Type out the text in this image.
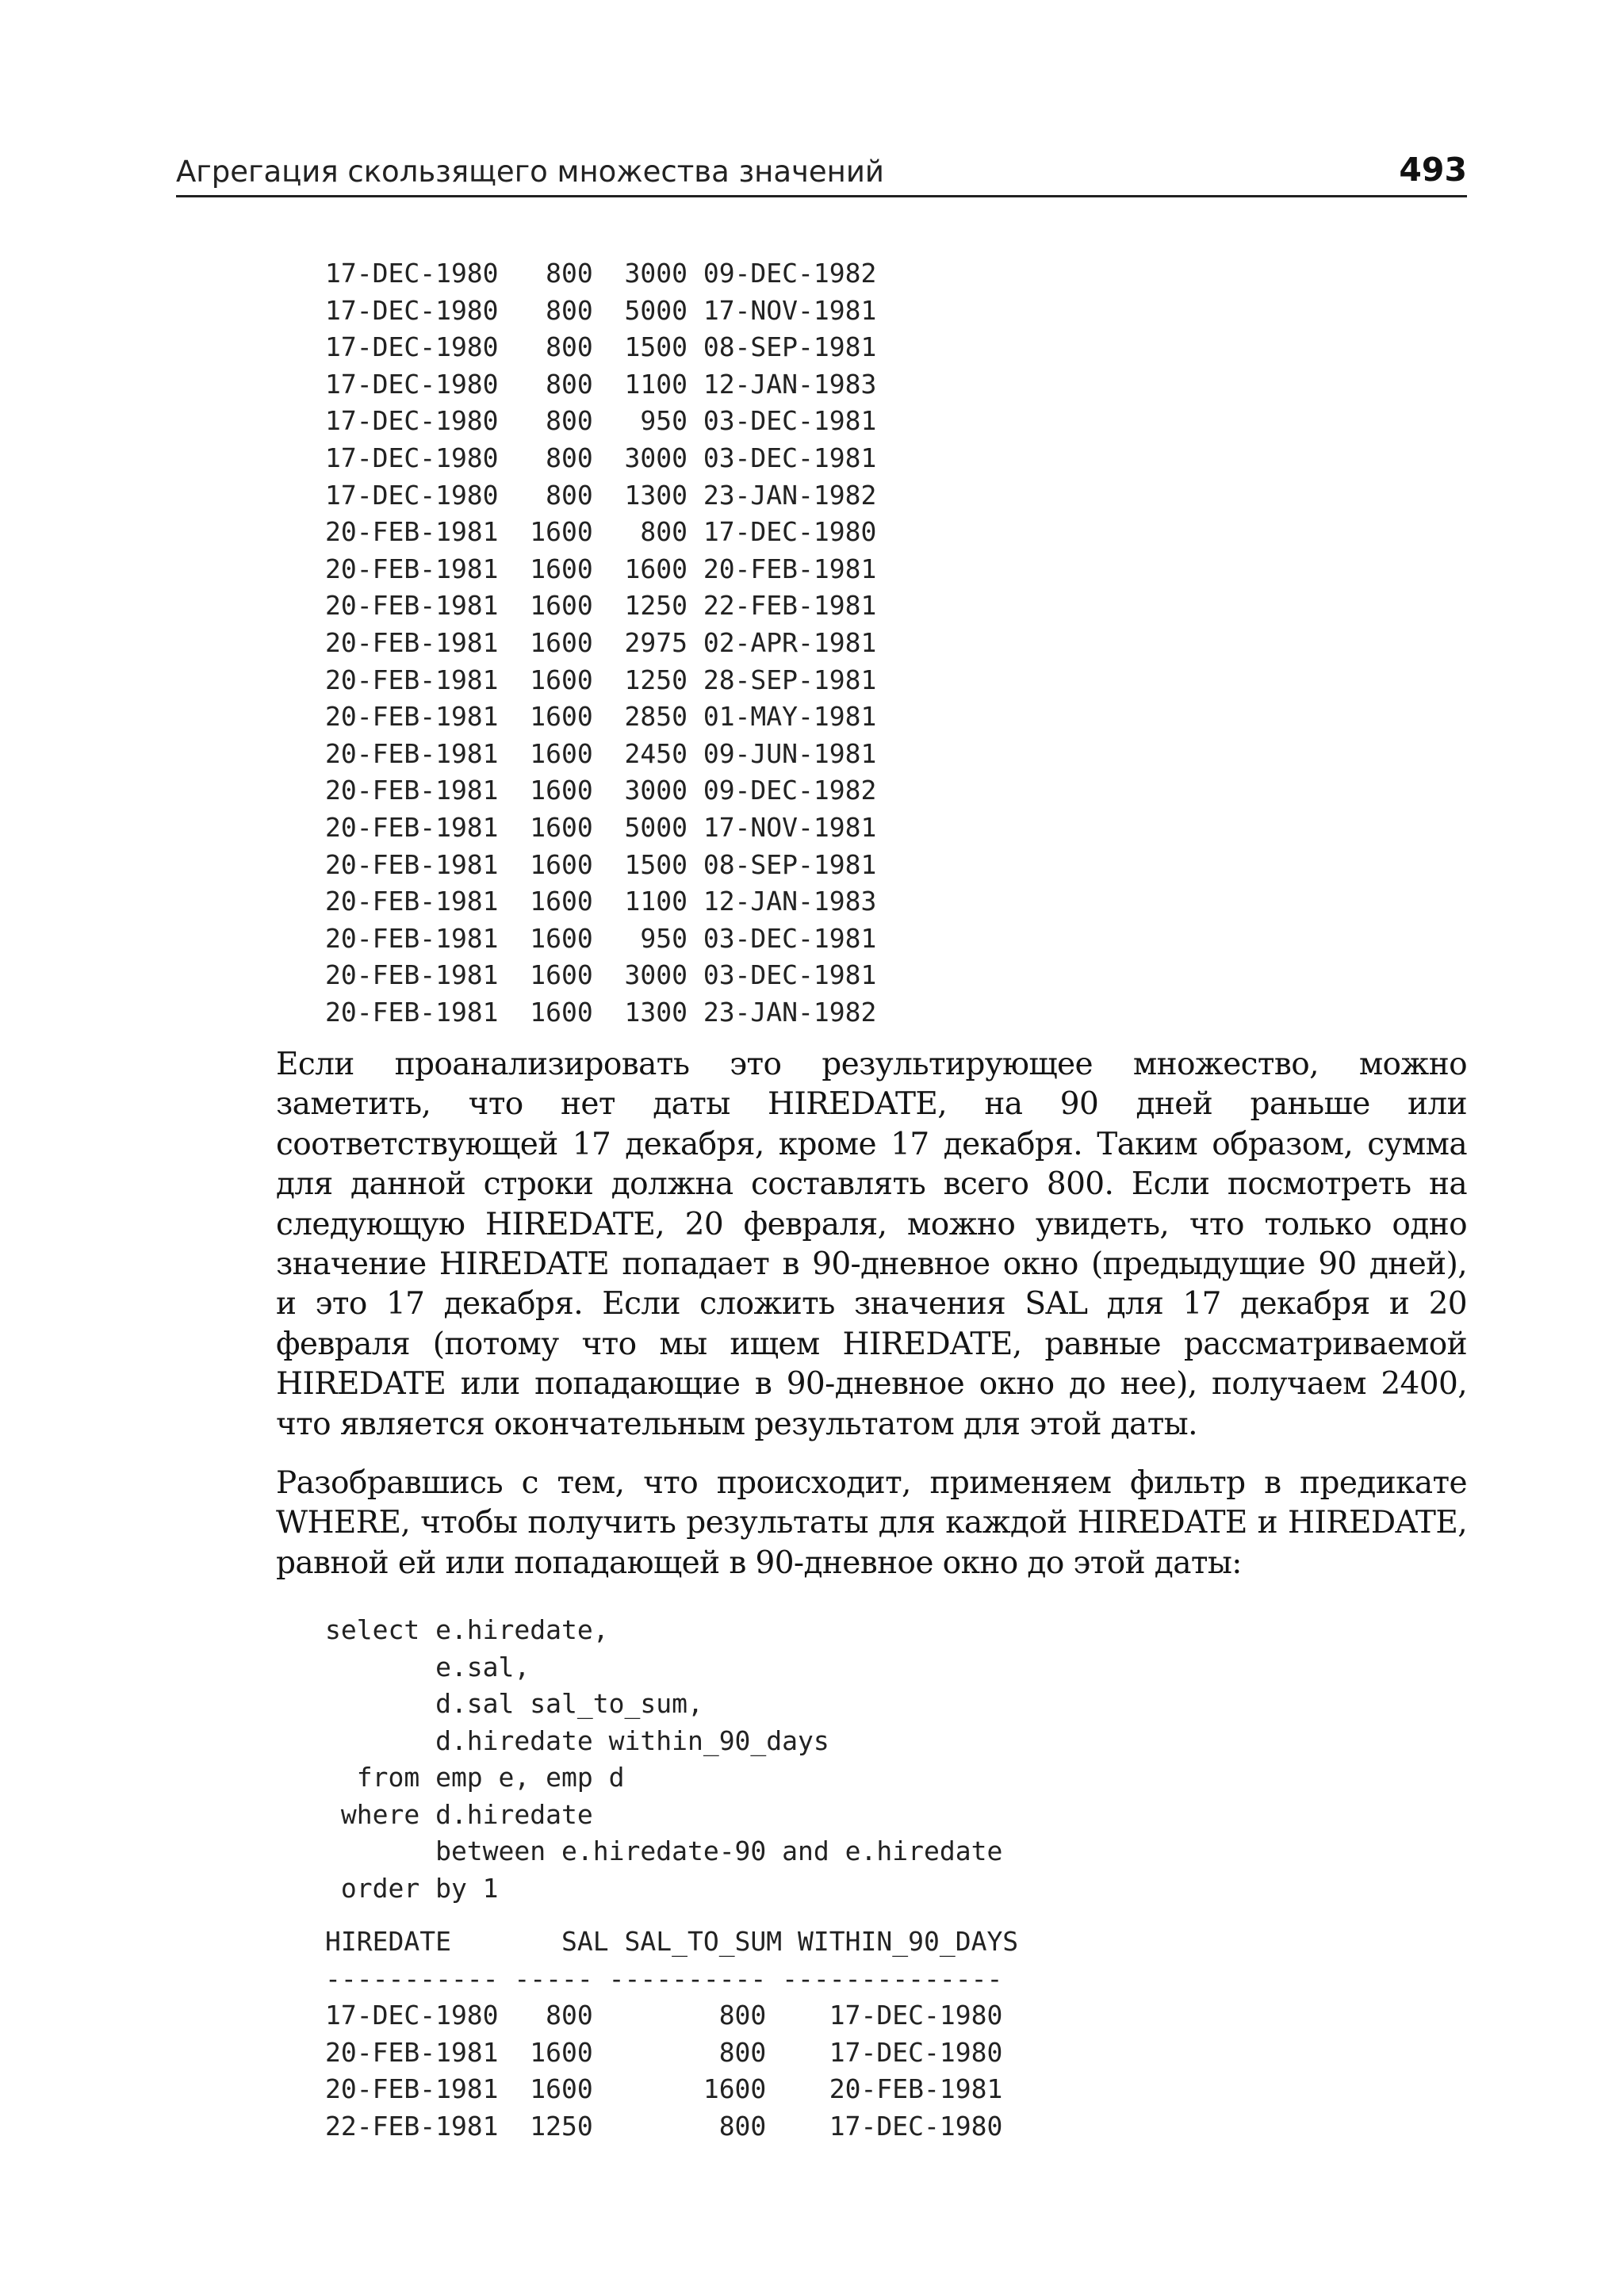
Агрегация скользящего множества значений	493
17-DEC-1980   800  3000 09-DEC-1982
17-DEC-1980   800  5000 17-NOV-1981
17-DEC-1980   800  1500 08-SEP-1981
17-DEC-1980   800  1100 12-JAN-1983
17-DEC-1980   800   950 03-DEC-1981
17-DEC-1980   800  3000 03-DEC-1981
17-DEC-1980   800  1300 23-JAN-1982
20-FEB-1981  1600   800 17-DEC-1980
20-FEB-1981  1600  1600 20-FEB-1981
20-FEB-1981  1600  1250 22-FEB-1981
20-FEB-1981  1600  2975 02-APR-1981
20-FEB-1981  1600  1250 28-SEP-1981
20-FEB-1981  1600  2850 01-MAY-1981
20-FEB-1981  1600  2450 09-JUN-1981
20-FEB-1981  1600  3000 09-DEC-1982
20-FEB-1981  1600  5000 17-NOV-1981
20-FEB-1981  1600  1500 08-SEP-1981
20-FEB-1981  1600  1100 12-JAN-1983
20-FEB-1981  1600   950 03-DEC-1981
20-FEB-1981  1600  3000 03-DEC-1981
20-FEB-1981  1600  1300 23-JAN-1982

Если проанализировать это результирующее множество, можно заметить, что нет даты HIREDATE, на 90 дней раньше или соответствующей 17 декабря, кроме 17 декабря. Таким образом, сумма для данной строки должна составлять всего 800. Если посмотреть на следующую HIREDATE, 20 февраля, можно увидеть, что только одно значение HIREDATE попадает в 90-дневное окно (предыдущие 90 дней), и это 17 декабря. Если сложить значения SAL для 17 декабря и 20 февраля (потому что мы ищем HIREDATE, равные рассматриваемой HIREDATE или попадающие в 90-дневное окно до нее), получаем 2400, что является окончательным результатом для этой даты.

Разобравшись с тем, что происходит, применяем фильтр в предикате WHERE, чтобы получить результаты для каждой HIREDATE и HIREDATE, равной ей или попадающей в 90-дневное окно до этой даты:

select e.hiredate,
e.sal,
d.sal sal_to_sum,
d.hiredate within_90_days
from emp e, emp d
where d.hiredate
between e.hiredate-90 and e.hiredate
order by 1
HIREDATE       SAL SAL_TO_SUM WITHIN_90_DAYS
----------- ----- ---------- --------------
17-DEC-1980   800        800    17-DEC-1980
20-FEB-1981  1600        800    17-DEC-1980
20-FEB-1981  1600       1600    20-FEB-1981
22-FEB-1981  1250        800    17-DEC-1980
